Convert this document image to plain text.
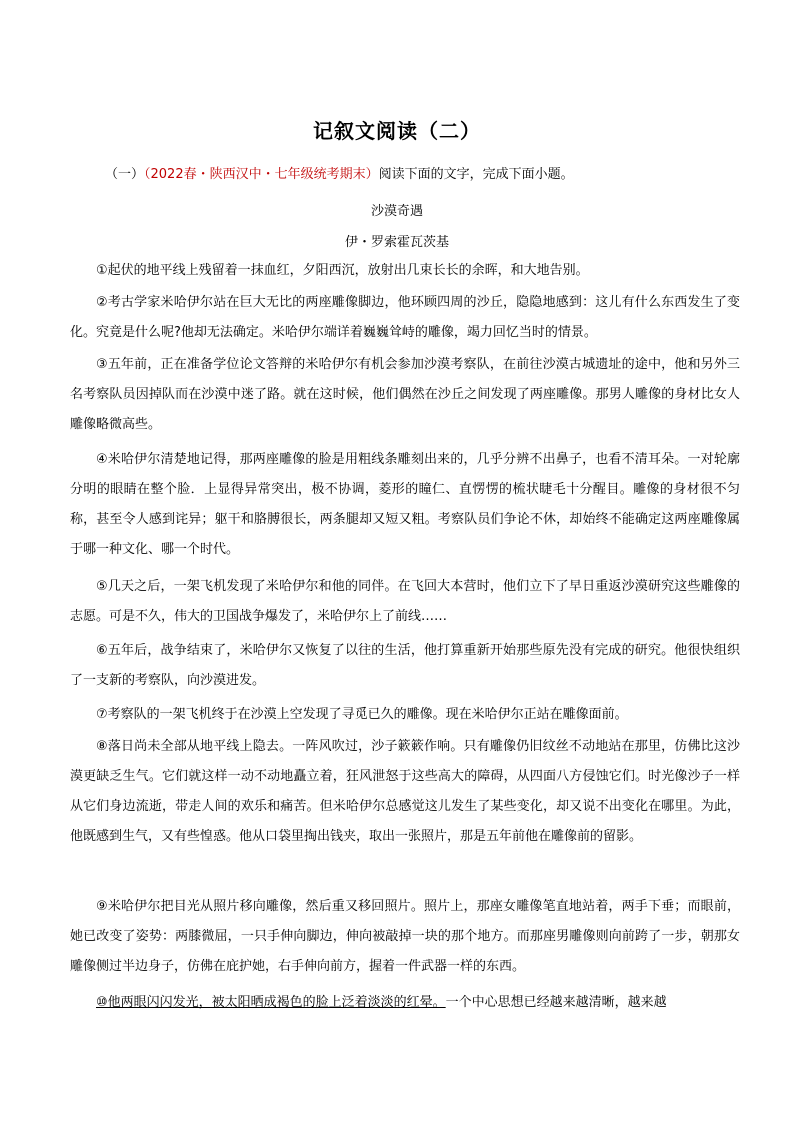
记叙文阅读（二）
（一）（2022春・陕西汉中・七年级统考期末）阅读下面的文字，完成下面小题。
沙漠奇遇
伊・罗索霍瓦茨基

①起伏的地平线上残留着一抹血红，夕阳西沉，放射出几束长长的余晖，和大地告别。

②考古学家米哈伊尔站在巨大无比的两座雕像脚边，他环顾四周的沙丘，隐隐地感到：这儿有什么东西发生了变化。究竟是什么呢?他却无法确定。米哈伊尔端详着巍巍耸峙的雕像，竭力回忆当时的情景。

③五年前，正在准备学位论文答辩的米哈伊尔有机会参加沙漠考察队，在前往沙漠古城遗址的途中，他和另外三名考察队员因掉队而在沙漠中迷了路。就在这时候，他们偶然在沙丘之间发现了两座雕像。那男人雕像的身材比女人雕像略微高些。

④米哈伊尔清楚地记得，那两座雕像的脸是用粗线条雕刻出来的，几乎分辨不出鼻子，也看不清耳朵。一对轮廓分明的眼睛在整个脸．上显得异常突出，极不协调，菱形的瞳仁、直愣愣的梳状睫毛十分醒目。雕像的身材很不匀称，甚至令人感到诧异；躯干和胳膊很长，两条腿却又短又粗。考察队员们争论不休，却始终不能确定这两座雕像属于哪一种文化、哪一个时代。

⑤几天之后，一架飞机发现了米哈伊尔和他的同伴。在飞回大本营时，他们立下了早日重返沙漠研究这些雕像的志愿。可是不久，伟大的卫国战争爆发了，米哈伊尔上了前线……

⑥五年后，战争结束了，米哈伊尔又恢复了以往的生活，他打算重新开始那些原先没有完成的研究。他很快组织了一支新的考察队，向沙漠进发。

⑦考察队的一架飞机终于在沙漠上空发现了寻觅已久的雕像。现在米哈伊尔正站在雕像面前。

⑧落日尚未全部从地平线上隐去。一阵风吹过，沙子簌簌作响。只有雕像仍旧纹丝不动地站在那里，仿佛比这沙漠更缺乏生气。它们就这样一动不动地矗立着，狂风泄怒于这些高大的障碍，从四面八方侵蚀它们。时光像沙子一样从它们身边流逝，带走人间的欢乐和痛苦。但米哈伊尔总感觉这儿发生了某些变化，却又说不出变化在哪里。为此，他既感到生气，又有些惶惑。他从口袋里掏出钱夹，取出一张照片，那是五年前他在雕像前的留影。

⑨米哈伊尔把目光从照片移向雕像，然后重又移回照片。照片上，那座女雕像笔直地站着，两手下垂；而眼前，她已改变了姿势：两膝微屈，一只手伸向脚边，伸向被敲掉一块的那个地方。而那座男雕像则向前跨了一步，朝那女雕像侧过半边身子，仿佛在庇护她，右手伸向前方，握着一件武器一样的东西。

⑩他两眼闪闪发光，被太阳晒成褐色的脸上泛着淡淡的红晕。一个中心思想已经越来越清晰，越来越
